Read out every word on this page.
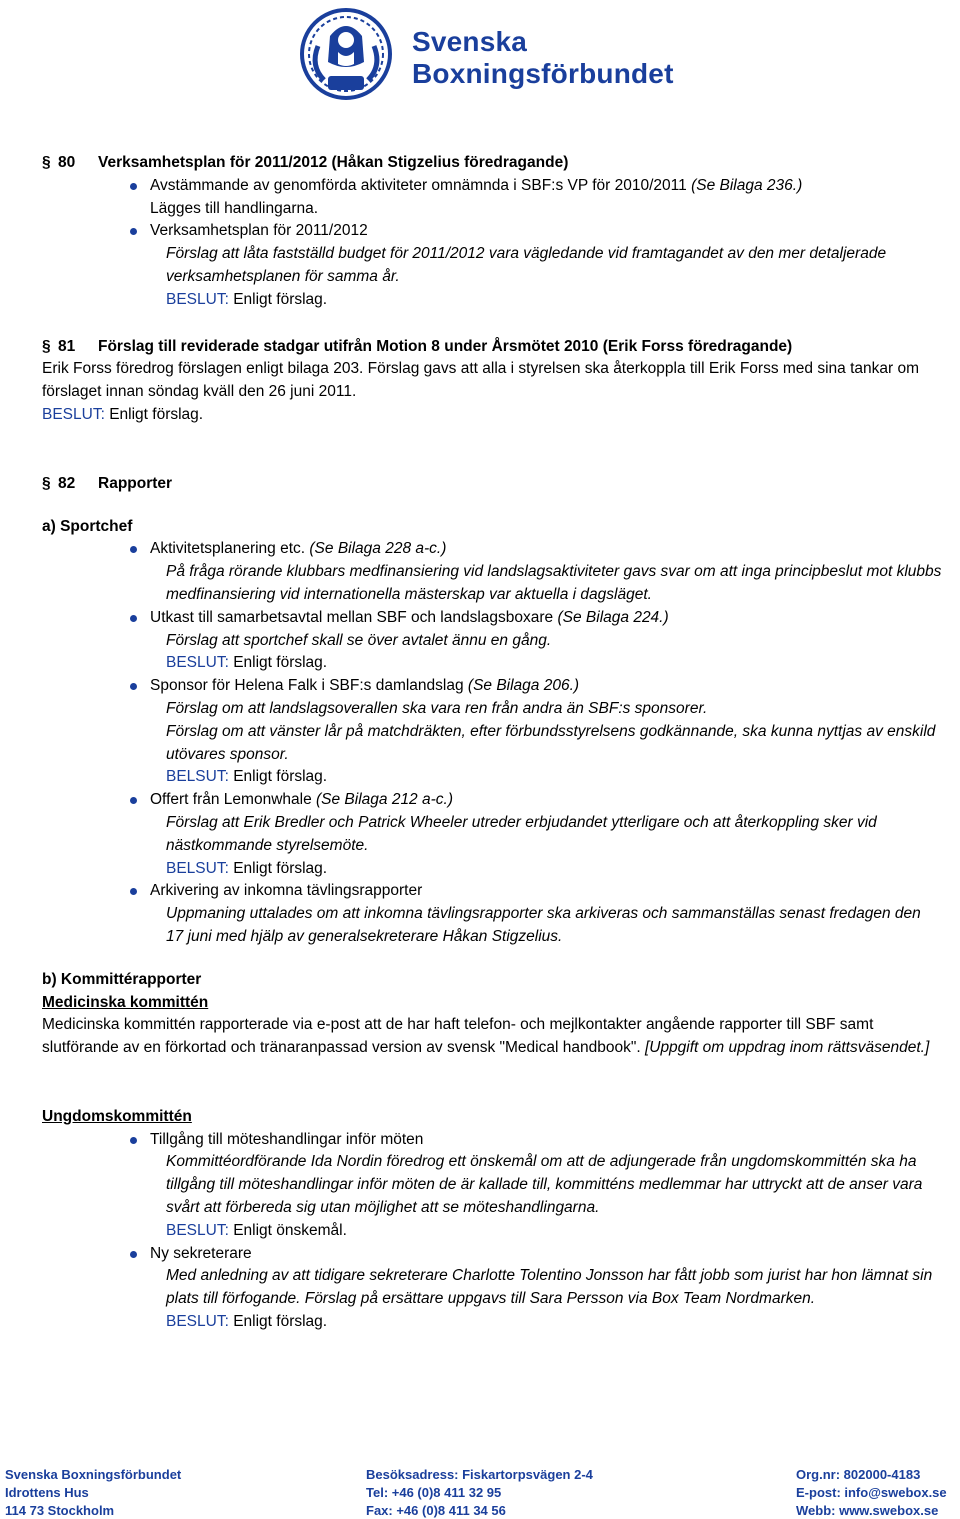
Svenska
Boxningsförbundet
§ 80 Verksamhetsplan för 2011/2012 (Håkan Stigzelius föredragande)
Avstämmande av genomförda aktiviteter omnämnda i SBF:s VP för 2010/2011 (Se Bilaga 236.)
Lägges till handlingarna.
Verksamhetsplan för 2011/2012
Förslag att låta fastställd budget för 2011/2012 vara vägledande vid framtagandet av den mer detaljerade verksamhetsplanen för samma år.
BESLUT: Enligt förslag.
§ 81 Förslag till reviderade stadgar utifrån Motion 8 under Årsmötet 2010 (Erik Forss föredragande)
Erik Forss föredrog förslagen enligt bilaga 203. Förslag gavs att alla i styrelsen ska återkoppla till Erik Forss med sina tankar om förslaget innan söndag kväll den 26 juni 2011.
BESLUT: Enligt förslag.
§ 82 Rapporter
a) Sportchef
Aktivitetsplanering etc. (Se Bilaga 228 a-c.)
På fråga rörande klubbars medfinansiering vid landslagsaktiviteter gavs svar om att inga principbeslut mot klubbs medfinansiering vid internationella mästerskap var aktuella i dagsläget.
Utkast till samarbetsavtal mellan SBF och landslagsboxare (Se Bilaga 224.)
Förslag att sportchef skall se över avtalet ännu en gång.
BESLUT: Enligt förslag.
Sponsor för Helena Falk i SBF:s damlandslag (Se Bilaga 206.)
Förslag om att landslagsoverallen ska vara ren från andra än SBF:s sponsorer.
Förslag om att vänster lår på matchdräkten, efter förbundsstyrelsens godkännande, ska kunna nyttjas av enskild utövares sponsor.
BELSUT: Enligt förslag.
Offert från Lemonwhale (Se Bilaga 212 a-c.)
Förslag att Erik Bredler och Patrick Wheeler utreder erbjudandet ytterligare och att återkoppling sker vid nästkommande styrelsemöte.
BELSUT: Enligt förslag.
Arkivering av inkomna tävlingsrapporter
Uppmaning uttalades om att inkomna tävlingsrapporter ska arkiveras och sammanställas senast fredagen den 17 juni med hjälp av generalsekreterare Håkan Stigzelius.
b) Kommittérapporter
Medicinska kommittén
Medicinska kommittén rapporterade via e-post att de har haft telefon- och mejlkontakter angående rapporter till SBF samt slutförande av en förkortad och tränaranpassad version av svensk "Medical handbook". [Uppgift om uppdrag inom rättsväsendet.]
Ungdomskommittén
Tillgång till möteshandlingar inför möten
Kommittéordförande Ida Nordin föredrog ett önskemål om att de adjungerade från ungdomskommittén ska ha tillgång till möteshandlingar inför möten de är kallade till, kommitténs medlemmar har uttryckt att de anser vara svårt att förbereda sig utan möjlighet att se möteshandlingarna.
BESLUT: Enligt önskemål.
Ny sekreterare
Med anledning av att tidigare sekreterare Charlotte Tolentino Jonsson har fått jobb som jurist har hon lämnat sin plats till förfogande. Förslag på ersättare uppgavs till Sara Persson via Box Team Nordmarken.
BESLUT: Enligt förslag.
Svenska Boxningsförbundet
Idrottens Hus
114 73 Stockholm
Besöksadress: Fiskartorpsvägen 2-4
Tel: +46 (0)8 411 32 95
Fax: +46 (0)8 411 34 56
Org.nr: 802000-4183
E-post: info@swebox.se
Webb: www.swebox.se
